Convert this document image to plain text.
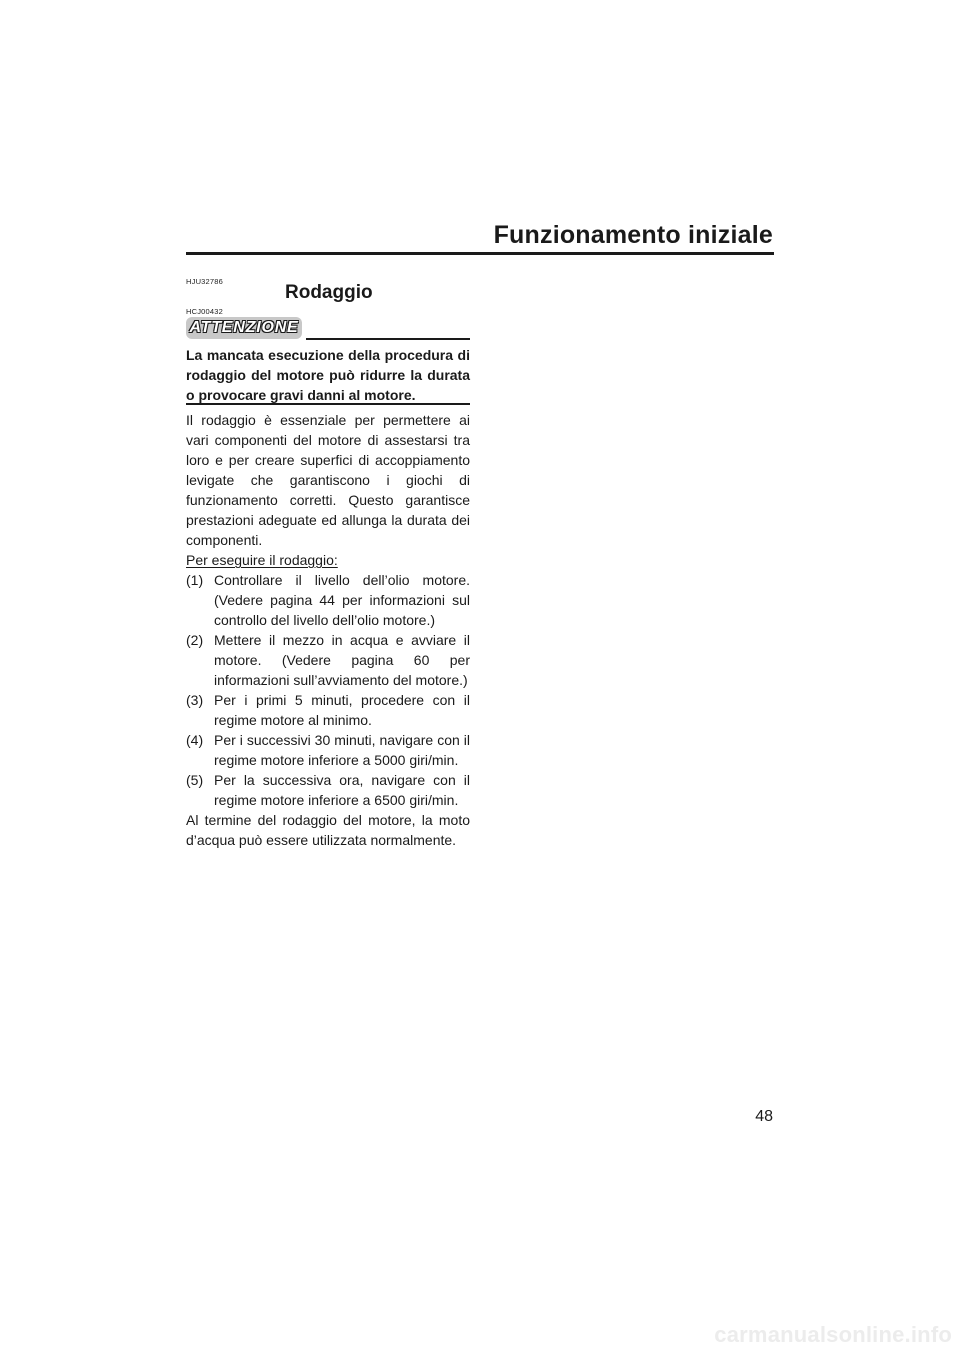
Funzionamento iniziale
HJU32786
Rodaggio
HCJ00432
ATTENZIONE
La mancata esecuzione della procedura di rodaggio del motore può ridurre la durata o provocare gravi danni al motore.

Il rodaggio è essenziale per permettere ai vari componenti del motore di assestarsi tra loro e per creare superfici di accoppiamento levigate che garantiscono i giochi di funzionamento corretti. Questo garantisce prestazioni adeguate ed allunga la durata dei componenti.

Per eseguire il rodaggio:

(1) Controllare il livello dell’olio motore. (Vedere pagina 44 per informazioni sul controllo del livello dell’olio motore.)
(2) Mettere il mezzo in acqua e avviare il motore. (Vedere pagina 60 per informazioni sull’avviamento del motore.)
(3) Per i primi 5 minuti, procedere con il regime motore al minimo.
(4) Per i successivi 30 minuti, navigare con il regime motore inferiore a 5000 giri/min.
(5) Per la successiva ora, navigare con il regime motore inferiore a 6500 giri/min.

Al termine del rodaggio del motore, la moto d’acqua può essere utilizzata normalmente.

48
carmanualsonline.info
